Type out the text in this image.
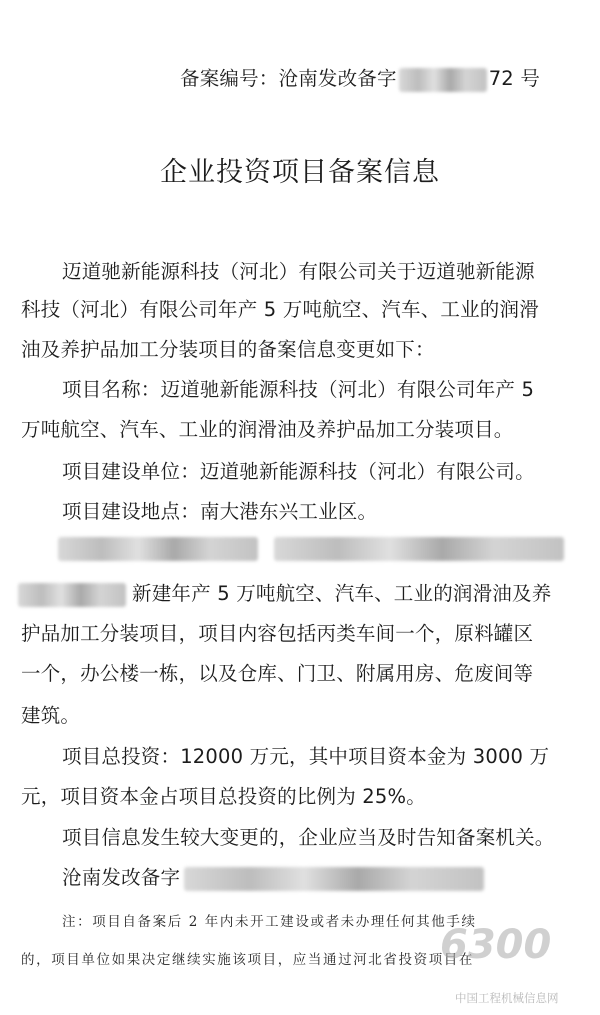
备案编号：沧南发改备字	72 号
企业投资项目备案信息
迈道驰新能源科技（河北）有限公司关于迈道驰新能源
科技（河北）有限公司年产 5 万吨航空、汽车、工业的润滑
油及养护品加工分装项目的备案信息变更如下：
项目名称：迈道驰新能源科技（河北）有限公司年产 5
万吨航空、汽车、工业的润滑油及养护品加工分装项目。
项目建设单位：迈道驰新能源科技（河北）有限公司。
项目建设地点：南大港东兴工业区。
新建年产 5 万吨航空、汽车、工业的润滑油及养
护品加工分装项目，项目内容包括丙类车间一个，原料罐区
一个，办公楼一栋，以及仓库、门卫、附属用房、危废间等
建筑。
项目总投资：12000 万元，其中项目资本金为 3000 万
元，项目资本金占项目总投资的比例为 25%。
项目信息发生较大变更的，企业应当及时告知备案机关。
沧南发改备字
注：项目自备案后 2 年内未开工建设或者未办理任何其他手续
的，项目单位如果决定继续实施该项目，应当通过河北省投资项目在
6300
中国工程机械信息网
